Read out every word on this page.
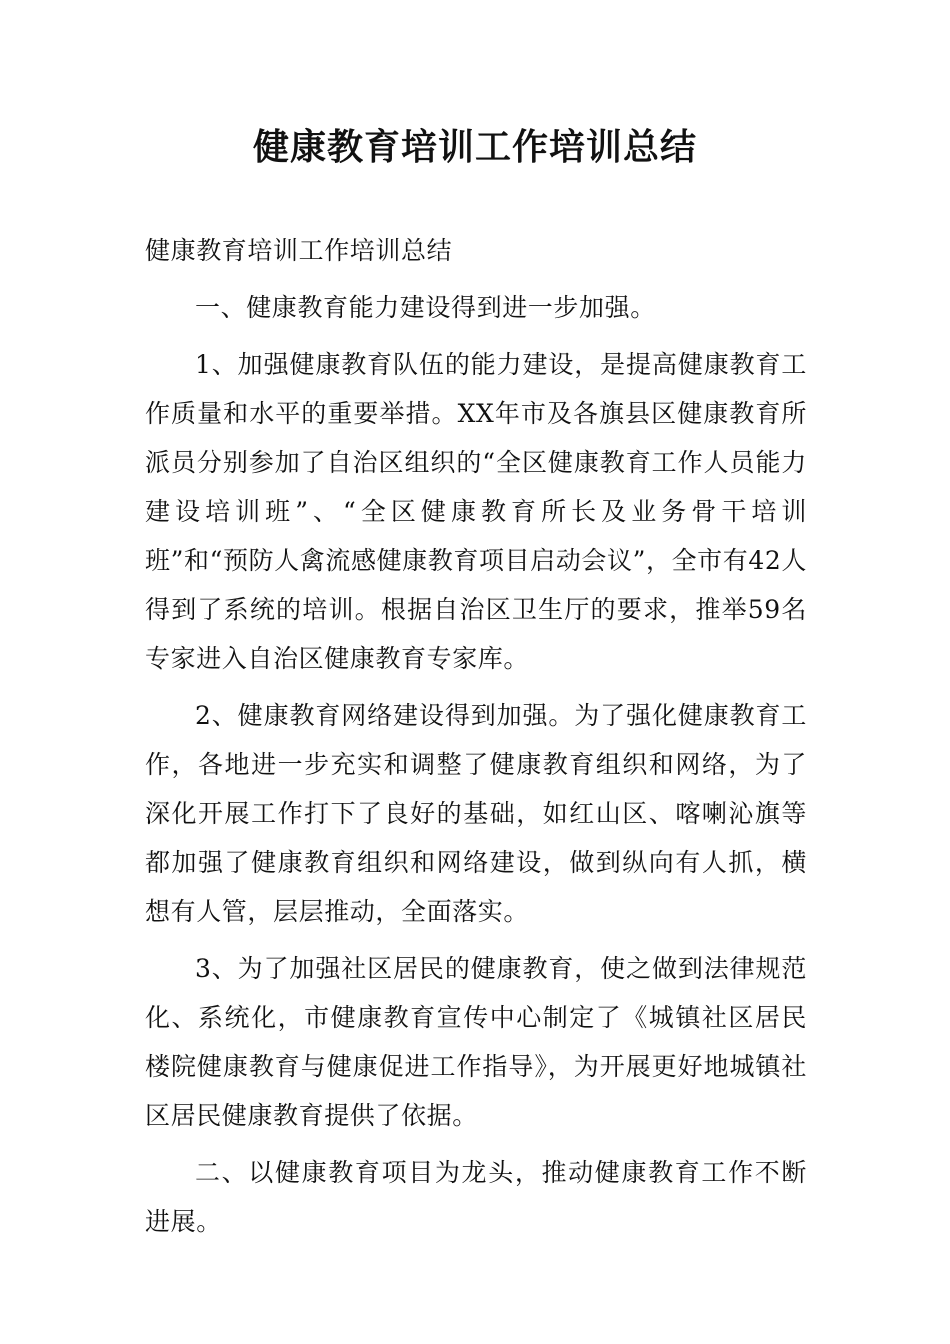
健康教育培训工作培训总结

健康教育培训工作培训总结

一、健康教育能力建设得到进一步加强。

1、加强健康教育队伍的能力建设，是提高健康教育工作质量和水平的重要举措。XX年市及各旗县区健康教育所派员分别参加了自治区组织的“全区健康教育工作人员能力建设培训班”、“全区健康教育所长及业务骨干培训班”和“预防人禽流感健康教育项目启动会议”，全市有42人得到了系统的培训。根据自治区卫生厅的要求，推举59名专家进入自治区健康教育专家库。

2、健康教育网络建设得到加强。为了强化健康教育工作，各地进一步充实和调整了健康教育组织和网络，为了深化开展工作打下了良好的基础，如红山区、喀喇沁旗等都加强了健康教育组织和网络建设，做到纵向有人抓，横想有人管，层层推动，全面落实。

3、为了加强社区居民的健康教育，使之做到法律规范化、系统化，市健康教育宣传中心制定了《城镇社区居民楼院健康教育与健康促进工作指导》，为开展更好地城镇社区居民健康教育提供了依据。

二、以健康教育项目为龙头，推动健康教育工作不断进展。
